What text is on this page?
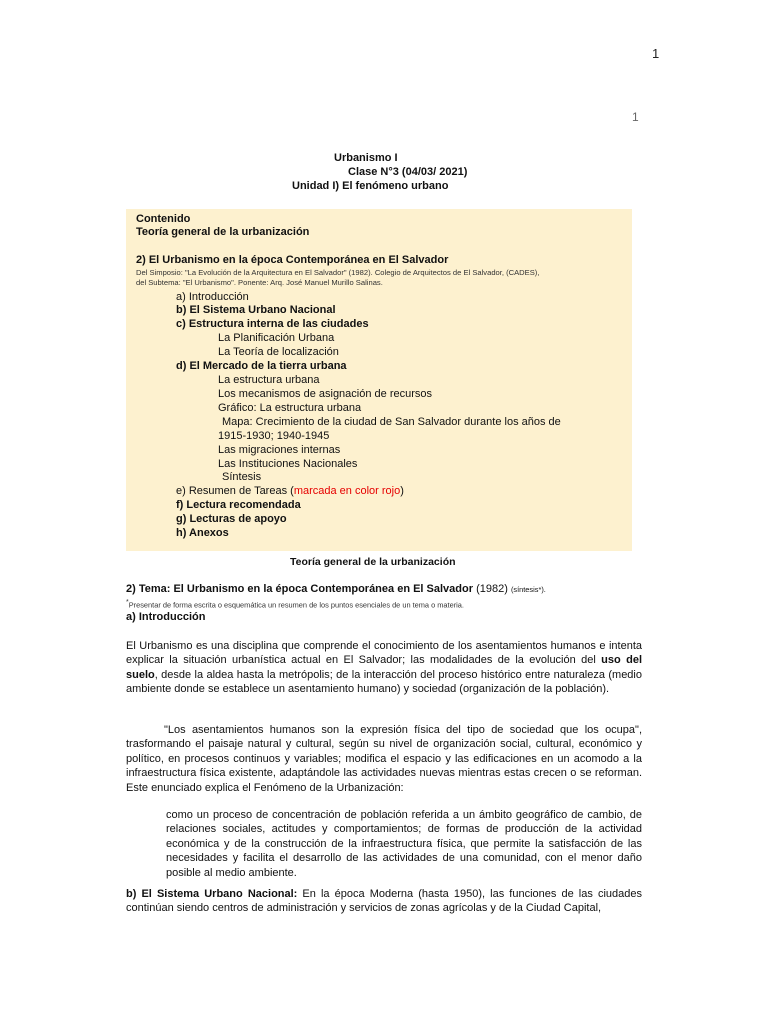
1
1
Urbanismo I
Clase N°3 (04/03/ 2021)
Unidad I) El fenómeno urbano
Contenido
Teoría general de la urbanización
2) El Urbanismo en la época Contemporánea en El Salvador
Del Simposio: "La Evolución de la Arquitectura en El Salvador" (1982). Colegio de Arquitectos de El Salvador, (CADES),
del Subtema: "El Urbanismo". Ponente: Arq. José Manuel Murillo Salinas.
a) Introducción
b) El Sistema Urbano Nacional
c) Estructura interna de las ciudades
La Planificación Urbana
La Teoría de localización
d) El Mercado de la tierra urbana
La estructura urbana
Los mecanismos de asignación de recursos
Gráfico: La estructura urbana
Mapa: Crecimiento de la ciudad de San Salvador durante los años de
1915-1930; 1940-1945
Las migraciones internas
Las Instituciones Nacionales
Síntesis
e) Resumen de Tareas (marcada en color rojo)
f) Lectura recomendada
g) Lecturas de apoyo
h) Anexos
Teoría general de la urbanización
2) Tema: El Urbanismo en la época Contemporánea en El Salvador (1982) (síntesis*).
*Presentar de forma escrita o esquemática un resumen de los puntos esenciales de un tema o materia.
a) Introducción
El Urbanismo es una disciplina que comprende el conocimiento de los asentamientos humanos e intenta explicar la situación urbanística actual en El Salvador; las modalidades de la evolución del uso del suelo, desde la aldea hasta la metrópolis; de la interacción del proceso histórico entre naturaleza (medio ambiente donde se establece un asentamiento humano) y sociedad (organización de la población).
"Los asentamientos humanos son la expresión física del tipo de sociedad que los ocupa", trasformando el paisaje natural y cultural, según su nivel de organización social, cultural, económico y político, en procesos continuos y variables; modifica el espacio y las edificaciones en un acomodo a la infraestructura física existente, adaptándole las actividades nuevas mientras estas crecen o se reforman. Este enunciado explica el Fenómeno de la Urbanización:
como un proceso de concentración de población referida a un ámbito geográfico de cambio, de relaciones sociales, actitudes y comportamientos; de formas de producción de la actividad económica y de la construcción de la infraestructura física, que permite la satisfacción de las necesidades y facilita el desarrollo de las actividades de una comunidad, con el menor daño posible al medio ambiente.
b) El Sistema Urbano Nacional: En la época Moderna (hasta 1950), las funciones de las ciudades continúan siendo centros de administración y servicios de zonas agrícolas y de la Ciudad Capital,
